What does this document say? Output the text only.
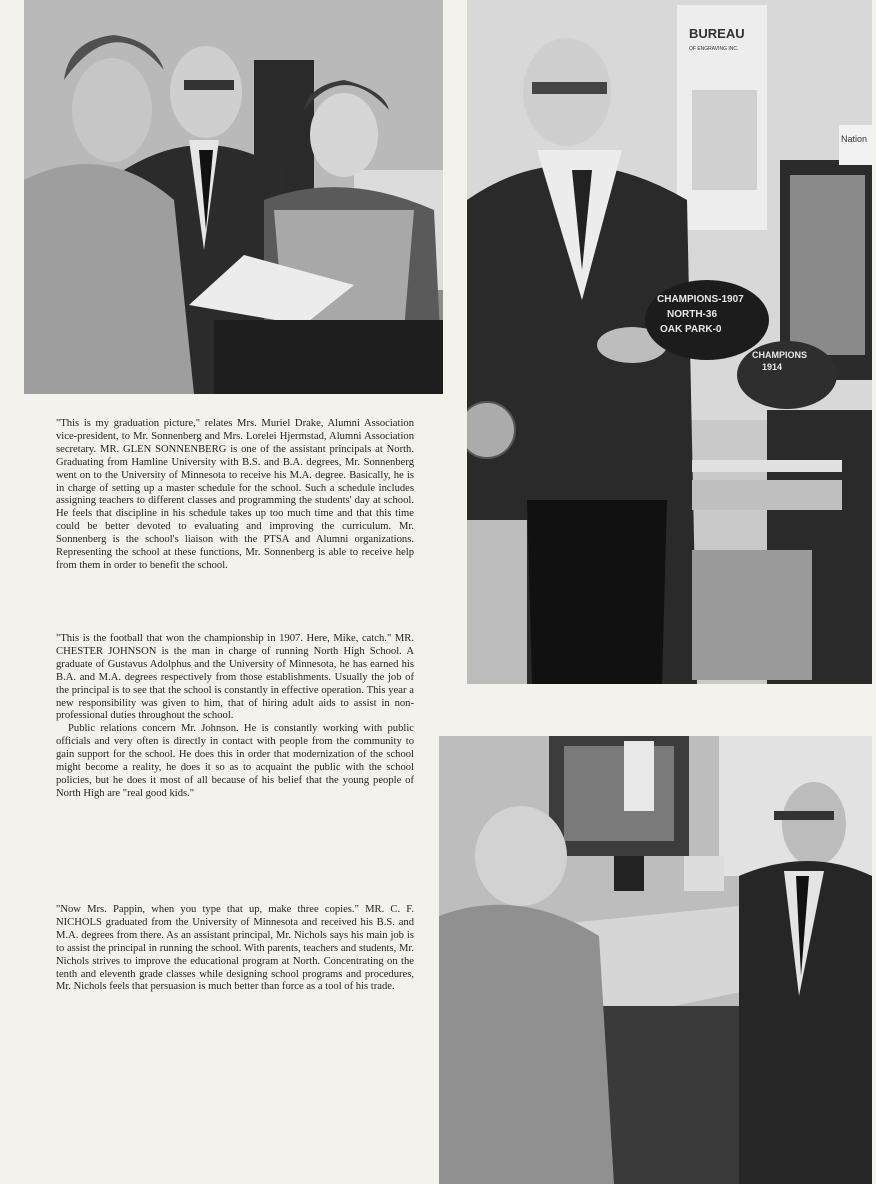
BUREAU
OF ENGRAVING INC.
Nation
CHAMPIONS-1907
NORTH-36
OAK PARK-0
CHAMPIONS
1914

"This is my graduation picture," relates Mrs. Muriel Drake, Alumni Association vice-president, to Mr. Sonnenberg and Mrs. Lorelei Hjermstad, Alumni Association secretary. MR. GLEN SONNENBERG is one of the assistant principals at North. Graduating from Hamline University with B.S. and B.A. degrees, Mr. Sonnenberg went on to the University of Minnesota to receive his M.A. degree. Basically, he is in charge of setting up a master schedule for the school. Such a schedule includes assigning teachers to different classes and programming the students' day at school. He feels that discipline in his schedule takes up too much time and that this time could be better devoted to evaluating and improving the curriculum. Mr. Sonnenberg is the school's liaison with the PTSA and Alumni organizations. Representing the school at these functions, Mr. Sonnenberg is able to receive help from them in order to benefit the school.

"This is the football that won the championship in 1907. Here, Mike, catch." MR. CHESTER JOHNSON is the man in charge of running North High School. A graduate of Gustavus Adolphus and the University of Minnesota, he has earned his B.A. and M.A. degrees respectively from those establishments. Usually the job of the principal is to see that the school is constantly in effective operation. This year a new responsibility was given to him, that of hiring adult aids to assist in non-professional duties throughout the school.

Public relations concern Mr. Johnson. He is constantly working with public officials and very often is directly in contact with people from the community to gain support for the school. He does this in order that modernization of the school might become a reality, he does it so as to acquaint the public with the school policies, but he does it most of all because of his belief that the young people of North High are "real good kids."

"Now Mrs. Pappin, when you type that up, make three copies." MR. C. F. NICHOLS graduated from the University of Minnesota and received his B.S. and M.A. degrees from there. As an assistant principal, Mr. Nichols says his main job is to assist the principal in running the school. With parents, teachers and students, Mr. Nichols strives to improve the educational program at North. Concentrating on the tenth and eleventh grade classes while designing school programs and procedures, Mr. Nichols feels that persuasion is much better than force as a tool of his trade.
